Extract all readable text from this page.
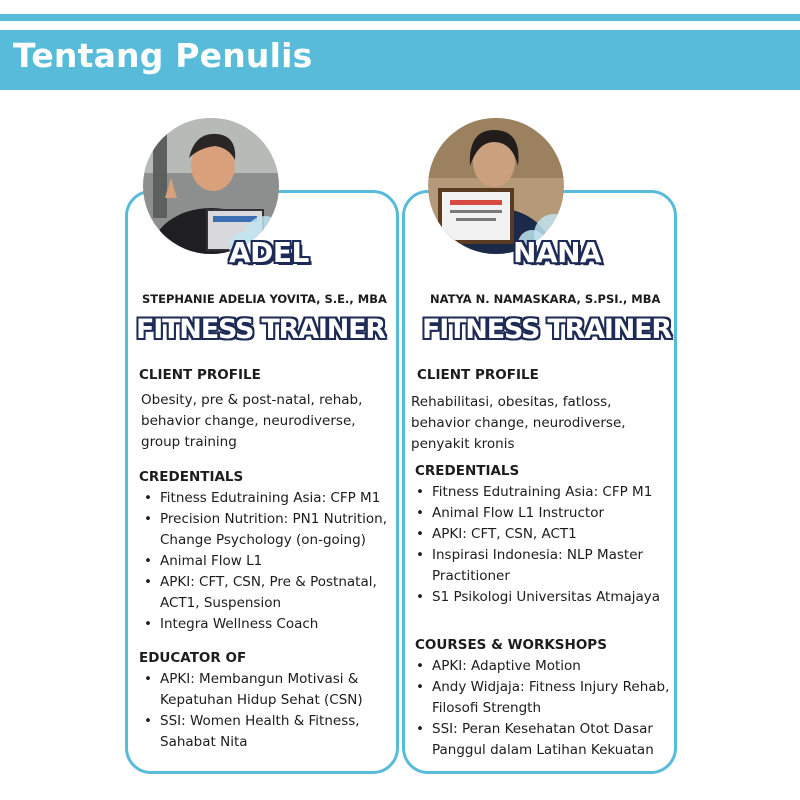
Tentang Penulis
ADEL	NANA
STEPHANIE ADELIA YOVITA, S.E., MBA	NATYA N. NAMASKARA, S.PSI., MBA
FITNESS TRAINER FITNESS TRAINER
CLIENT PROFILE
Obesity, pre & post-natal, rehab, behavior change, neurodiverse, group training
CREDENTIALS
• Fitness Edutraining Asia: CFP M1
• Precision Nutrition: PN1 Nutrition, Change Psychology (on-going)
• Animal Flow L1
• APKI: CFT, CSN, Pre & Postnatal, ACT1, Suspension
• Integra Wellness Coach
EDUCATOR OF
• APKI: Membangun Motivasi & Kepatuhan Hidup Sehat (CSN)
• SSI: Women Health & Fitness, Sahabat Nita
CLIENT PROFILE
Rehabilitasi, obesitas, fatloss, behavior change, neurodiverse, penyakit kronis
CREDENTIALS
• Fitness Edutraining Asia: CFP M1
• Animal Flow L1 Instructor
• APKI: CFT, CSN, ACT1
• Inspirasi Indonesia: NLP Master Practitioner
• S1 Psikologi Universitas Atmajaya
COURSES & WORKSHOPS
• APKI: Adaptive Motion
• Andy Widjaja: Fitness Injury Rehab, Filosofi Strength
• SSI: Peran Kesehatan Otot Dasar Panggul dalam Latihan Kekuatan
